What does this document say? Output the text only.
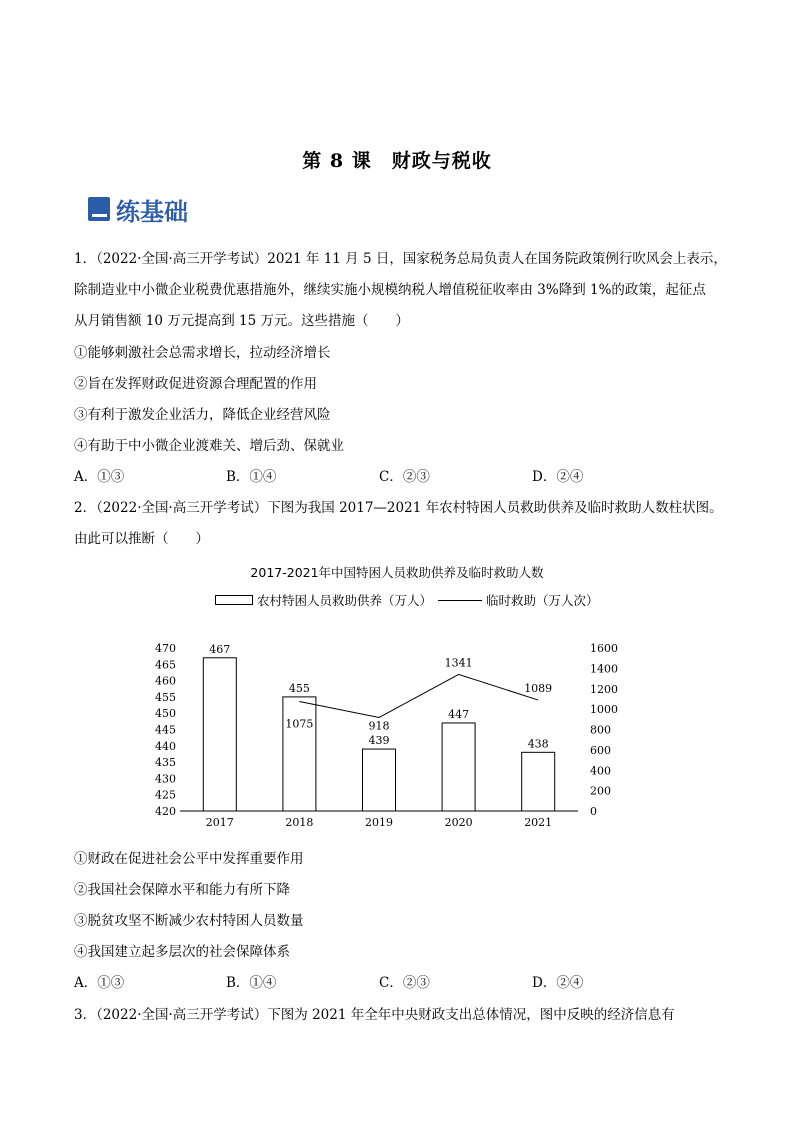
第 8 课　财政与税收
练基础
1．（2022·全国·高三开学考试）2021 年 11 月 5 日，国家税务总局负责人在国务院政策例行吹风会上表示，
除制造业中小微企业税费优惠措施外，继续实施小规模纳税人增值税征收率由 3%降到 1%的政策，起征点
从月销售额 10 万元提高到 15 万元。这些措施（　　）
①能够刺激社会总需求增长，拉动经济增长
②旨在发挥财政促进资源合理配置的作用
③有利于激发企业活力，降低企业经营风险
④有助于中小微企业渡难关、增后劲、保就业
A．①③	B．①④	C．②③	D．②④
2．（2022·全国·高三开学考试）下图为我国 2017—2021 年农村特困人员救助供养及临时救助人数柱状图。
由此可以推断（　　）
2017-2021年中国特困人员救助供养及临时救助人数
农村特困人员救助供养（万人）	临时救助（万人次）
420
425
430
435
440
445
450
455
460
465
470
0
200
400
600
800
1000
1200
1400
1600
2017	2018	2019	2020	2021
467
455
439
447
438
1075	918
1341
1089
①财政在促进社会公平中发挥重要作用
②我国社会保障水平和能力有所下降
③脱贫攻坚不断减少农村特困人员数量
④我国建立起多层次的社会保障体系
A．①③	B．①④	C．②③	D．②④
3．（2022·全国·高三开学考试）下图为 2021 年全年中央财政支出总体情况，图中反映的经济信息有
